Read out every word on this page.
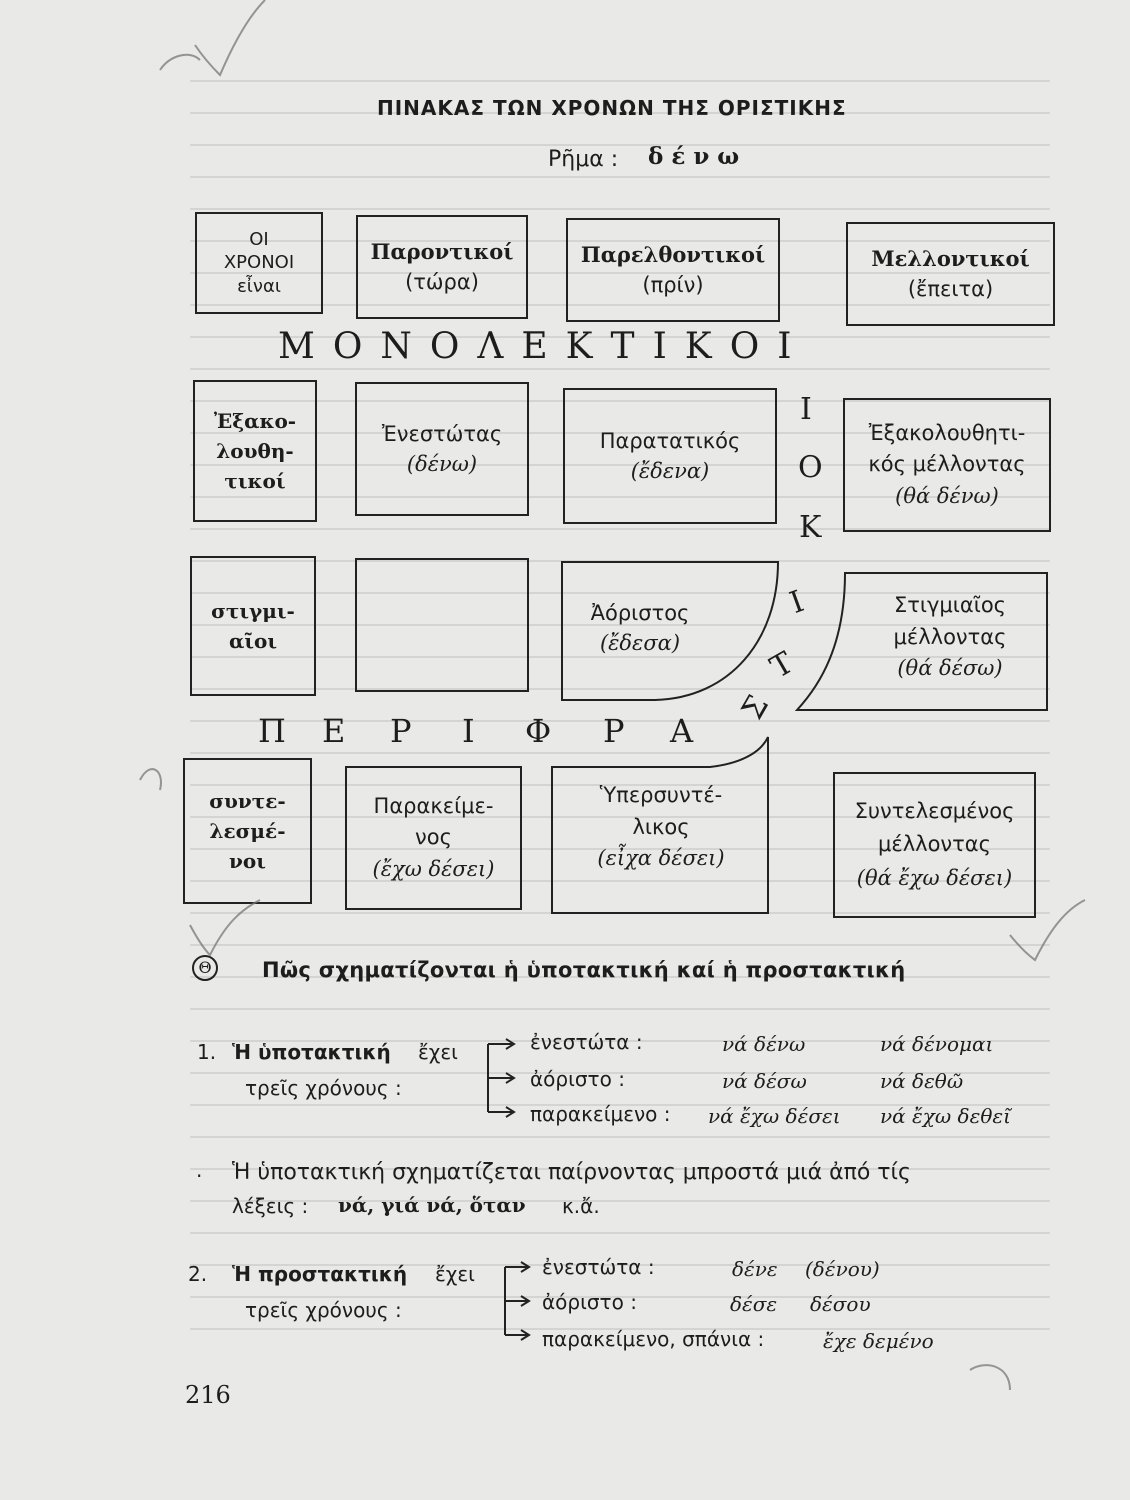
ΠΙΝΑΚΑΣ ΤΩΝ ΧΡΟΝΩΝ ΤΗΣ ΟΡΙΣΤΙΚΗΣ
Ρῆμα : δ έ ν ω
ΟΙ
ΧΡΟΝΟΙ
εἶναι
Παροντικοί
(τώρα)
Παρελθοντικοί
(πρίν)
Μελλοντικοί
(ἔπειτα)
ΜΟΝΟΛΕΚΤΙΚΟΙ
Ἐξακο-
λουθη-
τικοί
Ἐνεστώτας
(δένω)
Παρατατικός
(ἔδενα)
Ἐξακολουθητι-
κός μέλλοντας
(θά δένω)
Ι
Ο
Κ
Ι
Τ
Σ
στιγμι-
αῖοι
Ἀόριστος
(ἔδεσα)
Στιγμιαῖος
μέλλοντας
(θά δέσω)
Π Ε Ρ Ι Φ Ρ Α
συντε-
λεσμέ-
νοι
Παρακείμε-
νος
(ἔχω δέσει)
Ὑπερσυντέ-
λικος
(εἶχα δέσει)
Συντελεσμένος
μέλλοντας
(θά ἔχω δέσει)
Θ	Πῶς σχηματίζονται ἡ ὑποτακτική καί ἡ προστακτική
1. Ἡ ὑποτακτική ἔχει
τρεῖς χρόνους :
ἐνεστώτα :	νά δένω	νά δένομαι
ἀόριστο :	νά δέσω	νά δεθῶ
παρακείμενο : νά ἔχω δέσει νά ἔχω δεθεῖ
. Ἡ ὑποτακτική σχηματίζεται παίρνοντας μπροστά μιά ἀπό τίς
λέξεις : νά, γιά νά, ὅταν κ.ἄ.
2. Ἡ προστακτική ἔχει
τρεῖς χρόνους :
ἐνεστώτα :	δένε (δένου)
ἀόριστο :	δέσε δέσου
παρακείμενο, σπάνια :	ἔχε δεμένο
216
